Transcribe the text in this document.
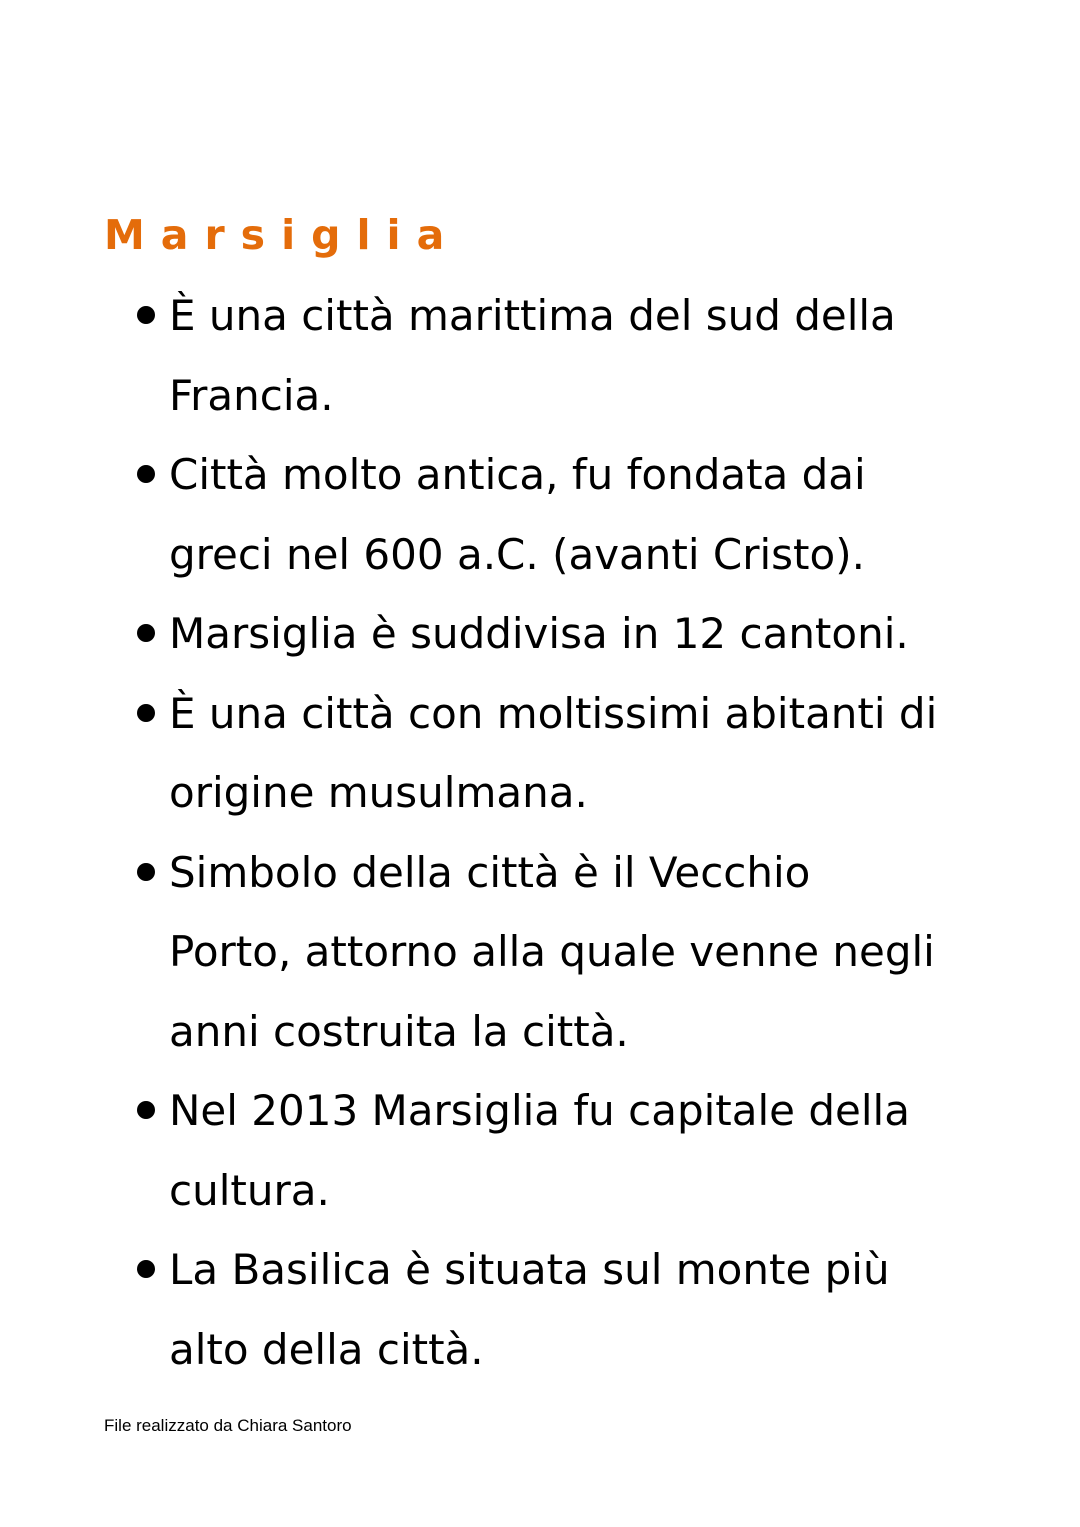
Marsiglia
È una città marittima del sud della
Francia.
Città molto antica, fu fondata dai
greci nel 600 a.C. (avanti Cristo).
Marsiglia è suddivisa in 12 cantoni.
È una città con moltissimi abitanti di
origine musulmana.
Simbolo della città è il Vecchio
Porto, attorno alla quale venne negli
anni costruita la città.
Nel 2013 Marsiglia fu capitale della
cultura.
La Basilica è situata sul monte più
alto della città.

File realizzato da Chiara Santoro
